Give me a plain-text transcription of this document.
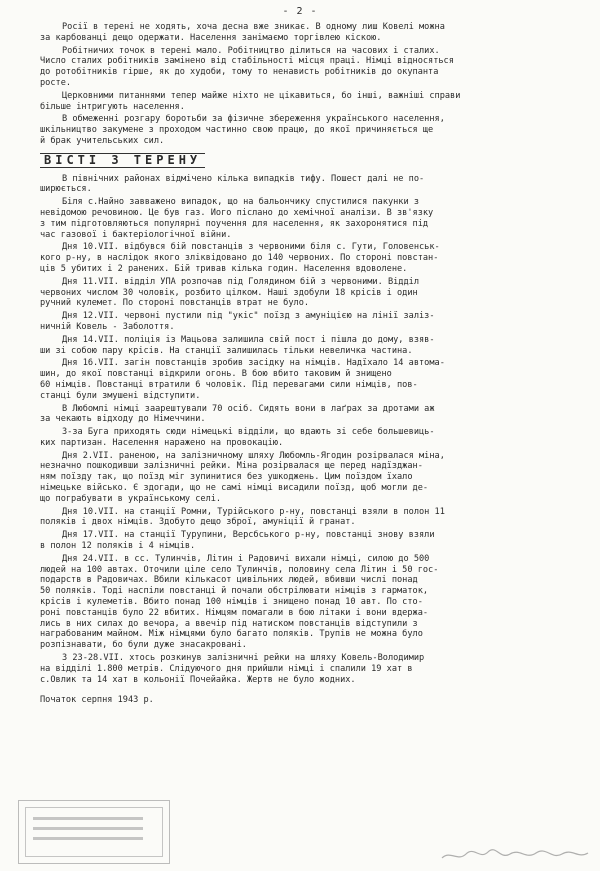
- 2 -
Росії в терені не ходять, хоча десна вже зникає. В одному лиш Ковелі можна
за карбованці дещо одержати. Населення занімаємо торгівлею кіскою.
Робітничих точок в терені мало. Робітництво ділиться на часових і сталих.
Число сталих робітників замінено від стабільності місця праці. Німці відносяться
до ротобітників гірше, як до худоби, тому то ненависть робітників до окупанта
росте.
Церковними питаннями тепер майже ніхто не цікавиться, бо інші, важніші справи
більше інтригують населення.
В обмеженні розгару боротьби за фізичне збереження українського населення,
шкільництво закумене з проходом частинно свою працю, до якої причиняється ще
й брак учительських сил.
ВІСТІ З ТЕРЕНУ
В північних районах відмічено кілька випадків тифу. Пошест далі не по-
ширюється.
Біля с.Найно завважено випадок, що на бальончику спустилися пакунки з
невідомою речовиною. Це був газ. Його післано до хемічної аналізи. В зв'язку
з тим підготовляються популярні поучення для населення, як захоронятися під
час газової і бактеріологічної війни.
Дня 10.VII. відбувся бій повстанців з червоними біля с. Гути, Головенськ-
кого р-ну, в наслідок якого зліквідовано до 140 червоних. По стороні повстан-
ців 5 убитих і 2 ранених. Бій тривав кілька годин. Населення вдоволене.
Дня 11.VII. відділ УПА розпочав під Голядином бій з червоними. Відділ
червоних числом 30 чоловік, розбито цілком. Наші здобули 18 крісів і один
ручний кулемет. По стороні повстанців втрат не було.
Дня 12.VII. червоні пустили під "укіс" поїзд з амуніцією на лінії заліз-
ничній Ковель - Заболоття.
Дня 14.VII. поліція із Мацьова залишила свій пост і пішла до дому, взяв-
ши зі собою пару крісів. На станції залишилась тільки невеличка частина.
Дня 16.VII. загін повстанців зробив засідку на німців. Надїхало 14 автома-
шин, до якої повстанці відкрили огонь. В бою вбито таковим й знищено
60 німців. Повстанці втратили 6 чоловік. Під перевагами сили німців, пов-
станці були змушені відступити.
В Любомлі німці заарештували 70 осіб. Сидять вони в лаґрах за дротами аж
за чекають відходу до Німеччини.
З-за Буга приходять сюди німецькі відділи, що вдають зі себе большевиць-
ких партизан. Населення наражено на провокацію.
Дня 2.VII. раненою, на залізничному шляху Любомль-Ягодин розірвалася міна,
незначно пошкодивши залізничні рейки. Міна розірвалася ще перед надїзджан-
ням поїзду так, що поїзд міг зупинитися без ушкоджень. Цим поїздом їхало
німецьке військо. Є здогади, що не самі німці висадили поїзд, щоб могли де-
що пограбувати в українському селі.
Дня 10.VII. на станції Ромни, Турійського р-ну, повстанці взяли в полон 11
поляків і двох німців. Здобуто дещо зброї, амуніції й гранат.
Дня 17.VII. на станції Турупини, Версбського р-ну, повстанці знову взяли
в полон 12 поляків і 4 німців.
Дня 24.VII. в сс. Тулинчів, Літин і Радовичі вихали німці, силою до 500
людей на 100 автах. Оточили ціле село Тулинчів, половину села Літин і 50 гос-
подарств в Радовичах. Вбили кількасот цивільних людей, вбивши числі понад
50 поляків. Тоді наспіли повстанці й почали обстрілювати німців з гарматок,
крісів і кулеметів. Вбито понад 100 німців і знищено понад 10 авт. По сто-
роні повстанців було 22 вбитих. Німцям помагали в бою літаки і вони вдержа-
лись в них силах до вечора, а ввечір під натиском повстанців відступили з
награбованим майном. Між німцями було багато поляків. Трупів не можна було
розпізнавати, бо були дуже знасакровані.
З 23-28.VII. хтось розкинув залізничні рейки на шляху Ковель-Володимир
на відділі 1.800 метрів. Слідуючого дня прийшли німці і спалили 19 хат в
с.Овлик та 14 хат в кольонії Почейайка. Жертв не було жодних.
Початок серпня 1943 р.
